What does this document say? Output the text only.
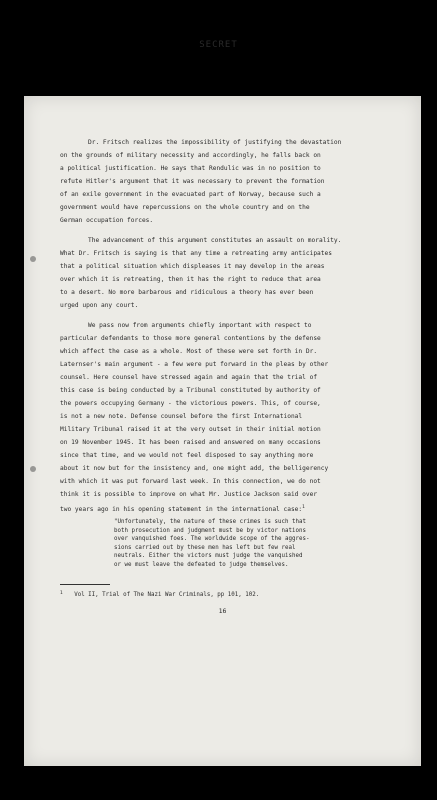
SECRET
16
Dr. Fritsch realizes the impossibility of justifying the devastation
on the grounds of military necessity and accordingly, he falls back on
a political justification. He says that Rendulic was in no position to
refute Hitler's argument that it was necessary to prevent the formation
of an exile government in the evacuated part of Norway, because such a
government would have repercussions on the whole country and on the
German occupation forces.
The advancement of this argument constitutes an assault on morality.
What Dr. Fritsch is saying is that any time a retreating army anticipates
that a political situation which displeases it may develop in the areas
over which it is retreating, then it has the right to reduce that area
to a desert. No more barbarous and ridiculous a theory has ever been
urged upon any court.
We pass now from arguments chiefly important with respect to
particular defendants to those more general contentions by the defense
which affect the case as a whole. Most of these were set forth in Dr.
Laternser's main argument - a few were put forward in the pleas by other
counsel. Here counsel have stressed again and again that the trial of
this case is being conducted by a Tribunal constituted by authority of
the powers occupying Germany - the victorious powers. This, of course,
is not a new note. Defense counsel before the first International
Military Tribunal raised it at the very outset in their initial motion
on 19 November 1945. It has been raised and answered on many occasions
since that time, and we would not feel disposed to say anything more
about it now but for the insistency and, one might add, the belligerency
with which it was put forward last week. In this connection, we do not
think it is possible to improve on what Mr. Justice Jackson said over
two years ago in his opening statement in the international case:$^1$
"Unfortunately, the nature of these crimes is such that
both prosecution and judgment must be by victor nations
over vanquished foes. The worldwide scope of the aggres-
sions carried out by these men has left but few real
neutrals. Either the victors must judge the vanquished
or we must leave the defeated to judge themselves.
$^1$ Vol II, Trial of The Nazi War Criminals, pp 101, 102.
